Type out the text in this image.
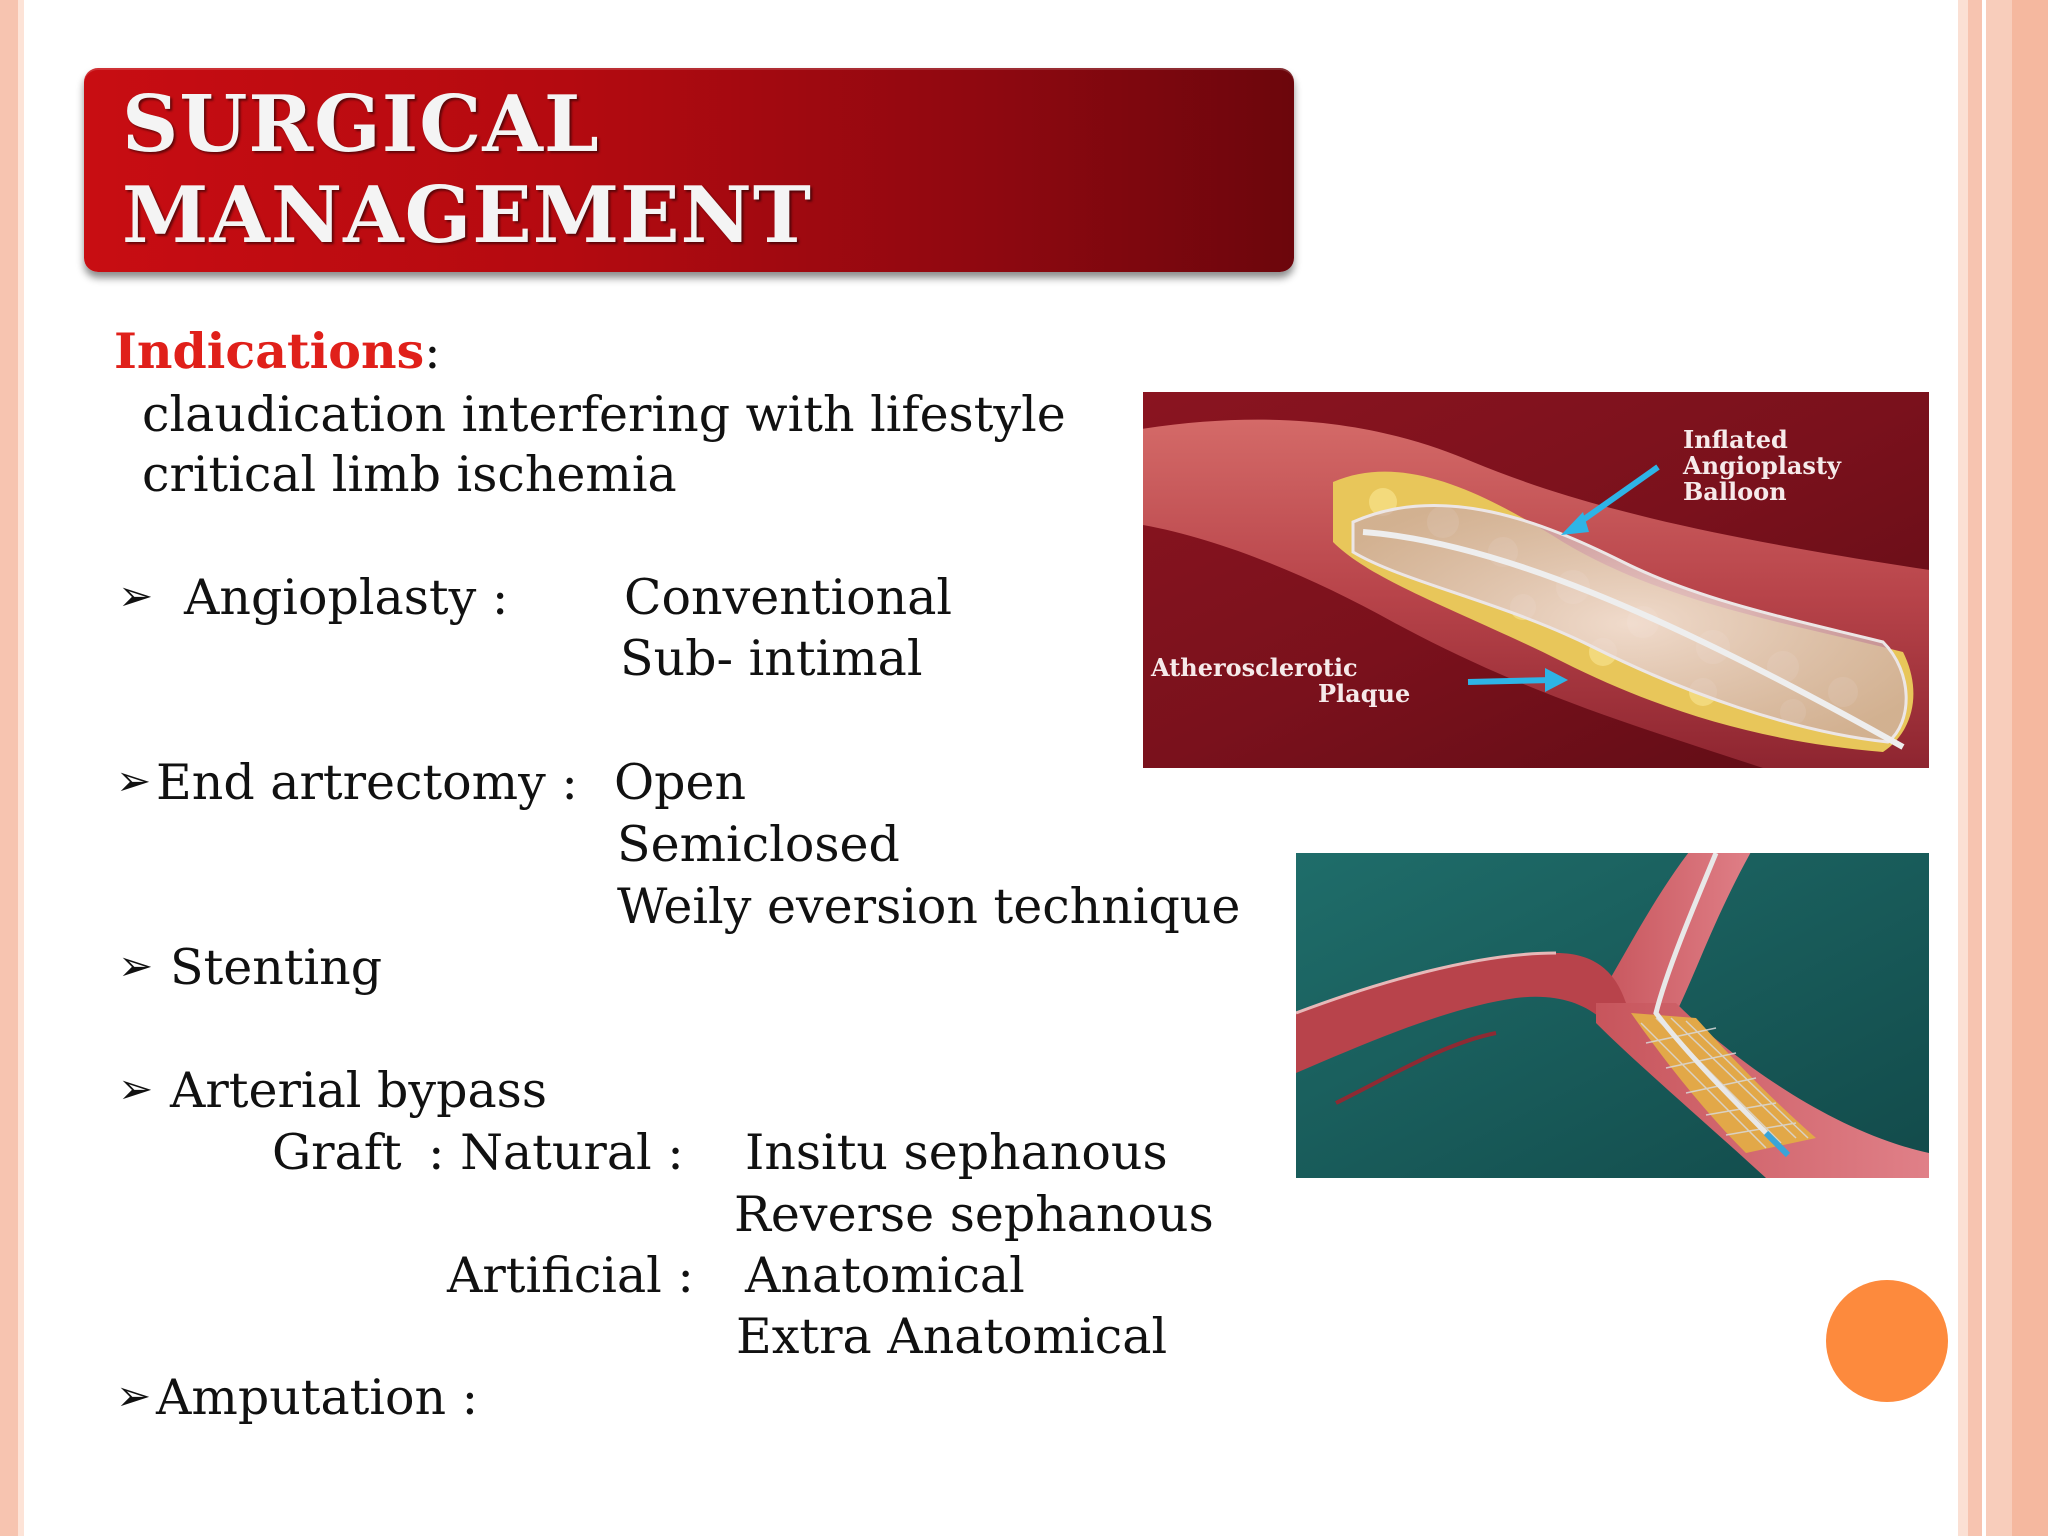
SURGICAL MANAGEMENT
Indications:
claudication interfering with lifestyle
critical limb ischemia
➢ Angioplasty : Conventional
Sub- intimal
➢ End artrectomy : Open
Semiclosed
Weily eversion technique
➢ Stenting
➢ Arterial bypass
Graft : Natural : Insitu sephanous
Reverse sephanous
Artificial : Anatomical
Extra Anatomical
➢ Amputation :
Inflated
Angioplasty
Balloon
Atherosclerotic
Plaque
